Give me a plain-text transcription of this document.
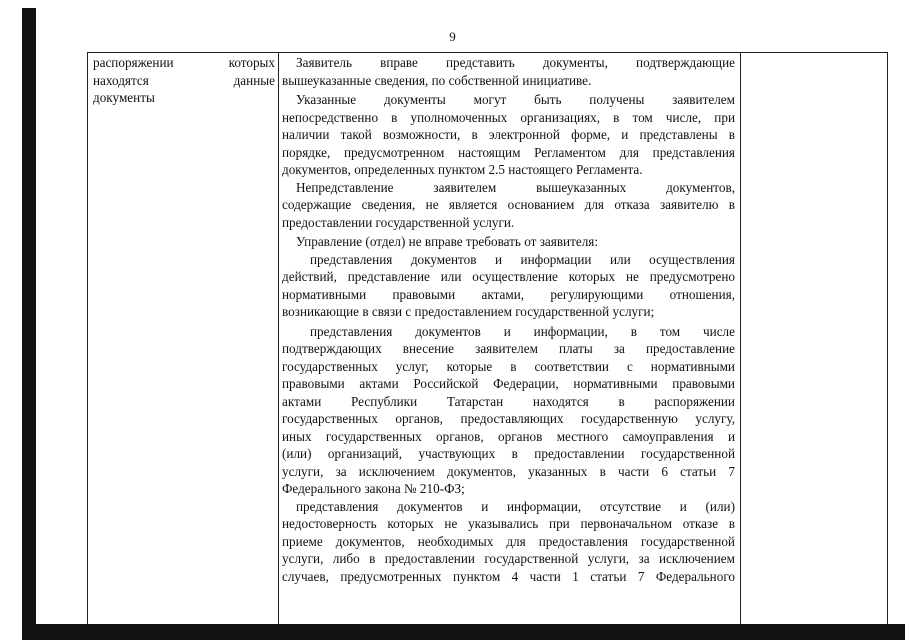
9
распоряжении которых
находятся данные
документы
Заявитель вправе представить документы, подтверждающие
вышеуказанные сведения, по собственной инициативе.
Указанные документы могут быть получены заявителем
непосредственно в уполномоченных организациях, в том числе, при
наличии такой возможности, в электронной форме, и представлены в
порядке, предусмотренном настоящим Регламентом для представления
документов, определенных пунктом 2.5 настоящего Регламента.
Непредставление заявителем вышеуказанных документов,
содержащие сведения, не является основанием для отказа заявителю в
предоставлении государственной услуги.
Управление (отдел) не вправе требовать от заявителя:
представления документов и информации или осуществления
действий, представление или осуществление которых не предусмотрено
нормативными правовыми актами, регулирующими отношения,
возникающие в связи с предоставлением государственной услуги;
представления документов и информации, в том числе
подтверждающих внесение заявителем платы за предоставление
государственных услуг, которые в соответствии с нормативными
правовыми актами Российской Федерации, нормативными правовыми
актами Республики Татарстан находятся в распоряжении
государственных органов, предоставляющих государственную услугу,
иных государственных органов, органов местного самоуправления и
(или) организаций, участвующих в предоставлении государственной
услуги, за исключением документов, указанных в части 6 статьи 7
Федерального закона № 210-ФЗ;
представления документов и информации, отсутствие и (или)
недостоверность которых не указывались при первоначальном отказе в
приеме документов, необходимых для предоставления государственной
услуги, либо в предоставлении государственной услуги, за исключением
случаев, предусмотренных пунктом 4 части 1 статьи 7 Федерального
